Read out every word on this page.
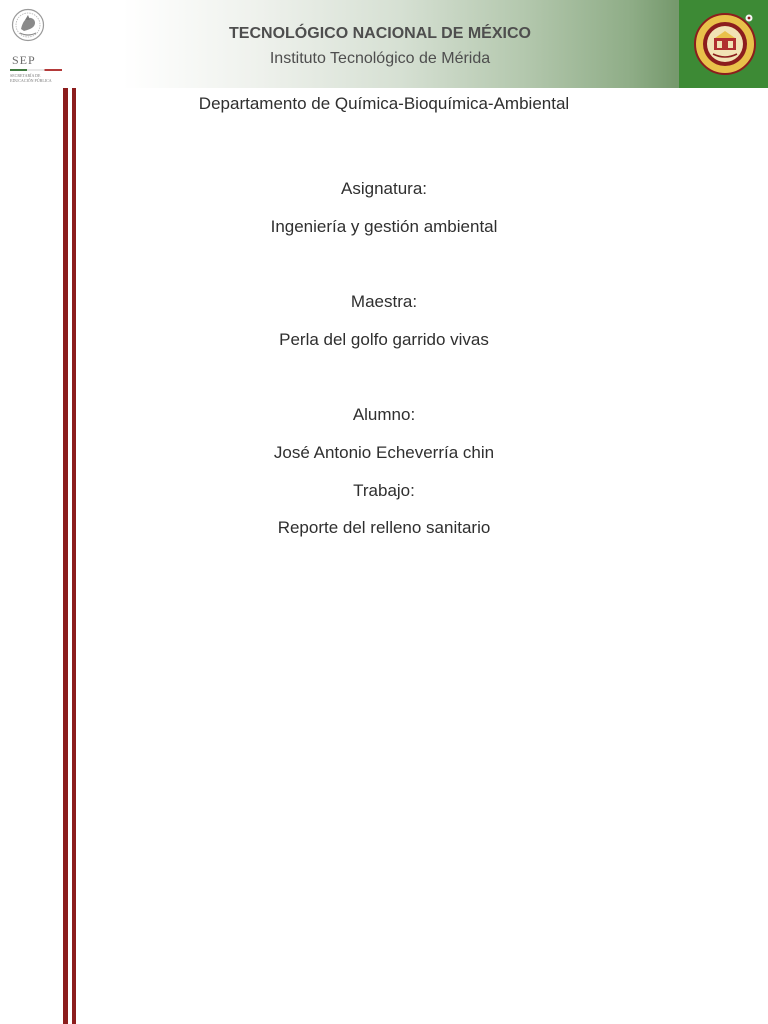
SEP
SECRETARÍA DE EDUCACIÓN PÚBLICA
TECNOLÓGICO NACIONAL DE MÉXICO
Instituto Tecnológico de Mérida
Departamento de Química-Bioquímica-Ambiental
Asignatura:
Ingeniería y gestión ambiental
Maestra:
Perla del golfo garrido vivas
Alumno:
José Antonio Echeverría chin
Trabajo:
Reporte del relleno sanitario
